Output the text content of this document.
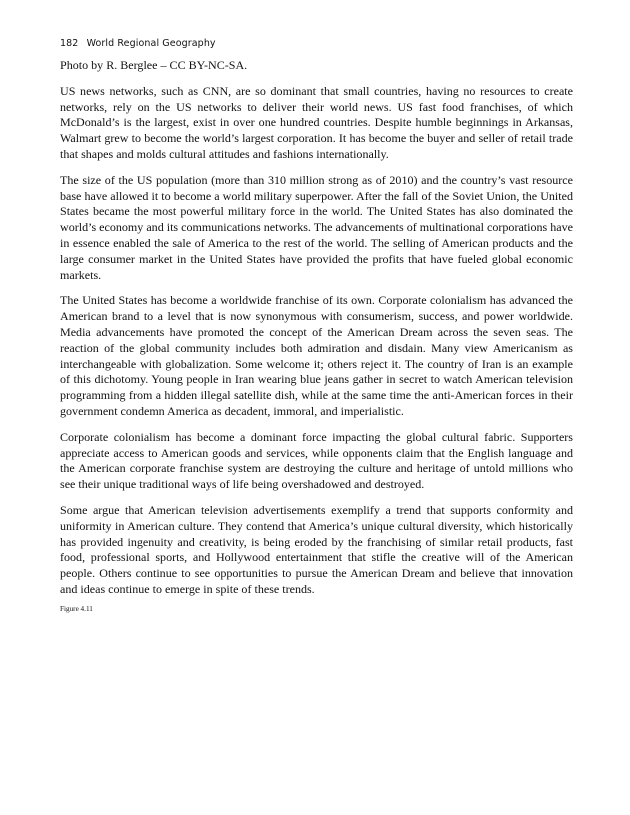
182 World Regional Geography

Photo by R. Berglee – CC BY-NC-SA.

US news networks, such as CNN, are so dominant that small countries, having no resources to create networks, rely on the US networks to deliver their world news. US fast food franchises, of which McDonald’s is the largest, exist in over one hundred countries. Despite humble beginnings in Arkansas, Walmart grew to become the world’s largest corporation. It has become the buyer and seller of retail trade that shapes and molds cultural attitudes and fashions internationally.

The size of the US population (more than 310 million strong as of 2010) and the country’s vast resource base have allowed it to become a world military superpower. After the fall of the Soviet Union, the United States became the most powerful military force in the world. The United States has also dominated the world’s economy and its communications networks. The advancements of multinational corporations have in essence enabled the sale of America to the rest of the world. The selling of American products and the large consumer market in the United States have provided the profits that have fueled global economic markets.

The United States has become a worldwide franchise of its own. Corporate colonialism has advanced the American brand to a level that is now synonymous with consumerism, success, and power worldwide. Media advancements have promoted the concept of the American Dream across the seven seas. The reaction of the global community includes both admiration and disdain. Many view Americanism as interchangeable with globalization. Some welcome it; others reject it. The country of Iran is an example of this dichotomy. Young people in Iran wearing blue jeans gather in secret to watch American television programming from a hidden illegal satellite dish, while at the same time the anti-American forces in their government condemn America as decadent, immoral, and imperialistic.

Corporate colonialism has become a dominant force impacting the global cultural fabric. Supporters appreciate access to American goods and services, while opponents claim that the English language and the American corporate franchise system are destroying the culture and heritage of untold millions who see their unique traditional ways of life being overshadowed and destroyed.

Some argue that American television advertisements exemplify a trend that supports conformity and uniformity in American culture. They contend that America’s unique cultural diversity, which historically has provided ingenuity and creativity, is being eroded by the franchising of similar retail products, fast food, professional sports, and Hollywood entertainment that stifle the creative will of the American people. Others continue to see opportunities to pursue the American Dream and believe that innovation and ideas continue to emerge in spite of these trends.

Figure 4.11
